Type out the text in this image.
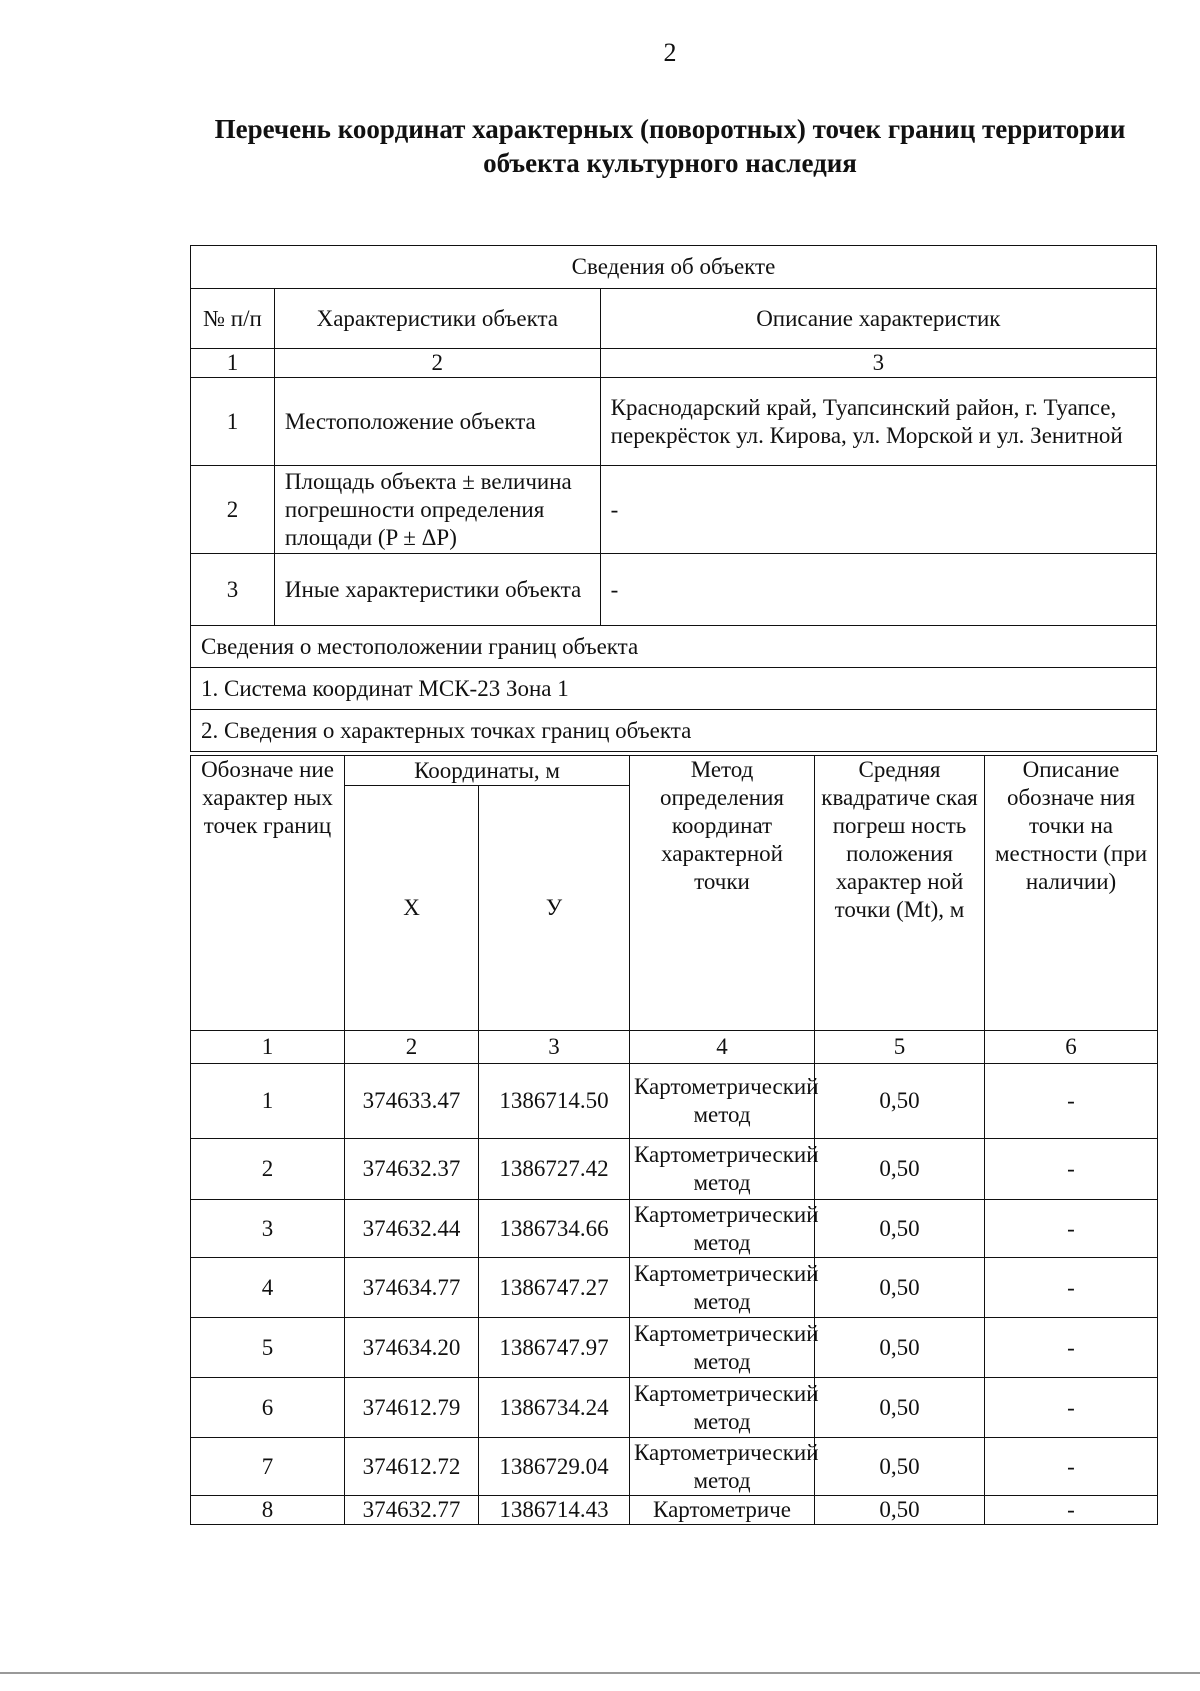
2
Перечень координат характерных (поворотных) точек границ территории
объекта культурного наследия
Сведения об объекте		
№ п/п	Характеристики объекта	Описание характеристик
1	2	3
1	Местоположение объекта	Краснодарский край, Туапсинский район, г. Туапсе, перекрёсток ул. Кирова, ул. Морской и ул. Зенитной
2	Площадь объекта ± величина погрешности определения площади (P ± ΔP)	-
3	Иные характеристики объекта	-
Сведения о местоположении границ объекта		
1. Система координат МСК-23 Зона 1		
2. Сведения о характерных точках границ объекта		
Обозначе ние характер ных точек границ	Координаты, м		Метод определения координат характерной точки	Средняя квадратиче ская погреш ность положения характер ной точки (Mt), м	Описание обозначе ния точки на местности (при наличии)
	X	У			
1	2	3	4	5	6
1	374633.47	1386714.50	Картометрический метод	0,50	-
2	374632.37	1386727.42	Картометрический метод	0,50	-
3	374632.44	1386734.66	Картометрический метод	0,50	-
4	374634.77	1386747.27	Картометрический метод	0,50	-
5	374634.20	1386747.97	Картометрический метод	0,50	-
6	374612.79	1386734.24	Картометрический метод	0,50	-
7	374612.72	1386729.04	Картометрический метод	0,50	-
8	374632.77	1386714.43	Картометриче	0,50	-
